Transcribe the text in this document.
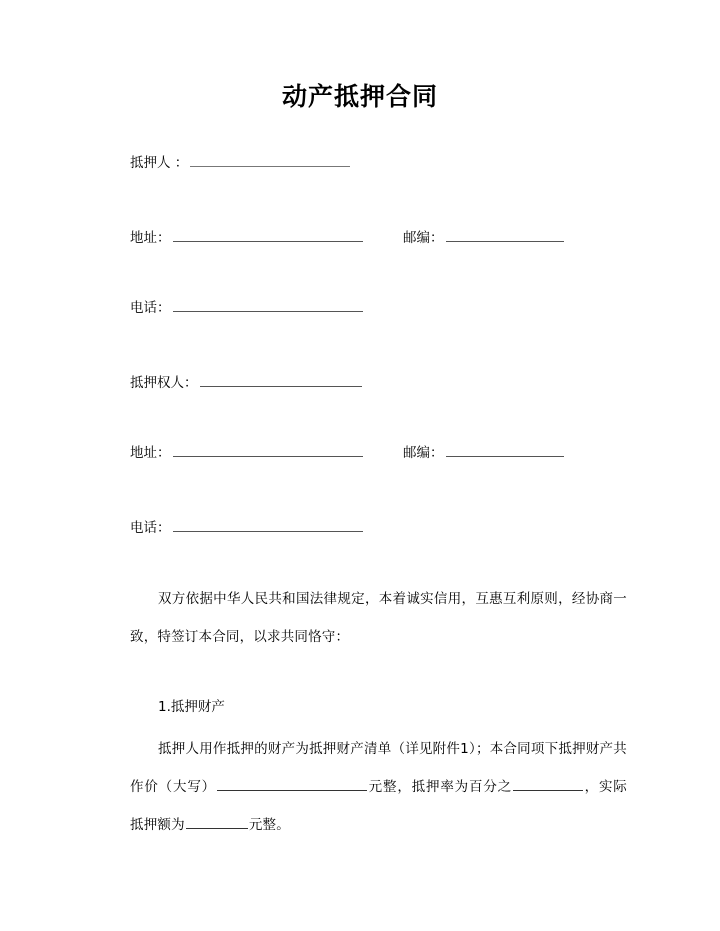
动产抵押合同
抵押人 ：
地址：	邮编：
电话：
抵押权人：
地址：	邮编：
电话：
双方依据中华人民共和国法律规定，本着诚实信用，互惠互利原则，经协商一致，特签订本合同，以求共同恪守：
1.抵押财产
抵押人用作抵押的财产为抵押财产清单（详见附件1）；本合同项下抵押财产共作价（大写）	元整，抵押率为百分之	，实际抵押额为	元整。
